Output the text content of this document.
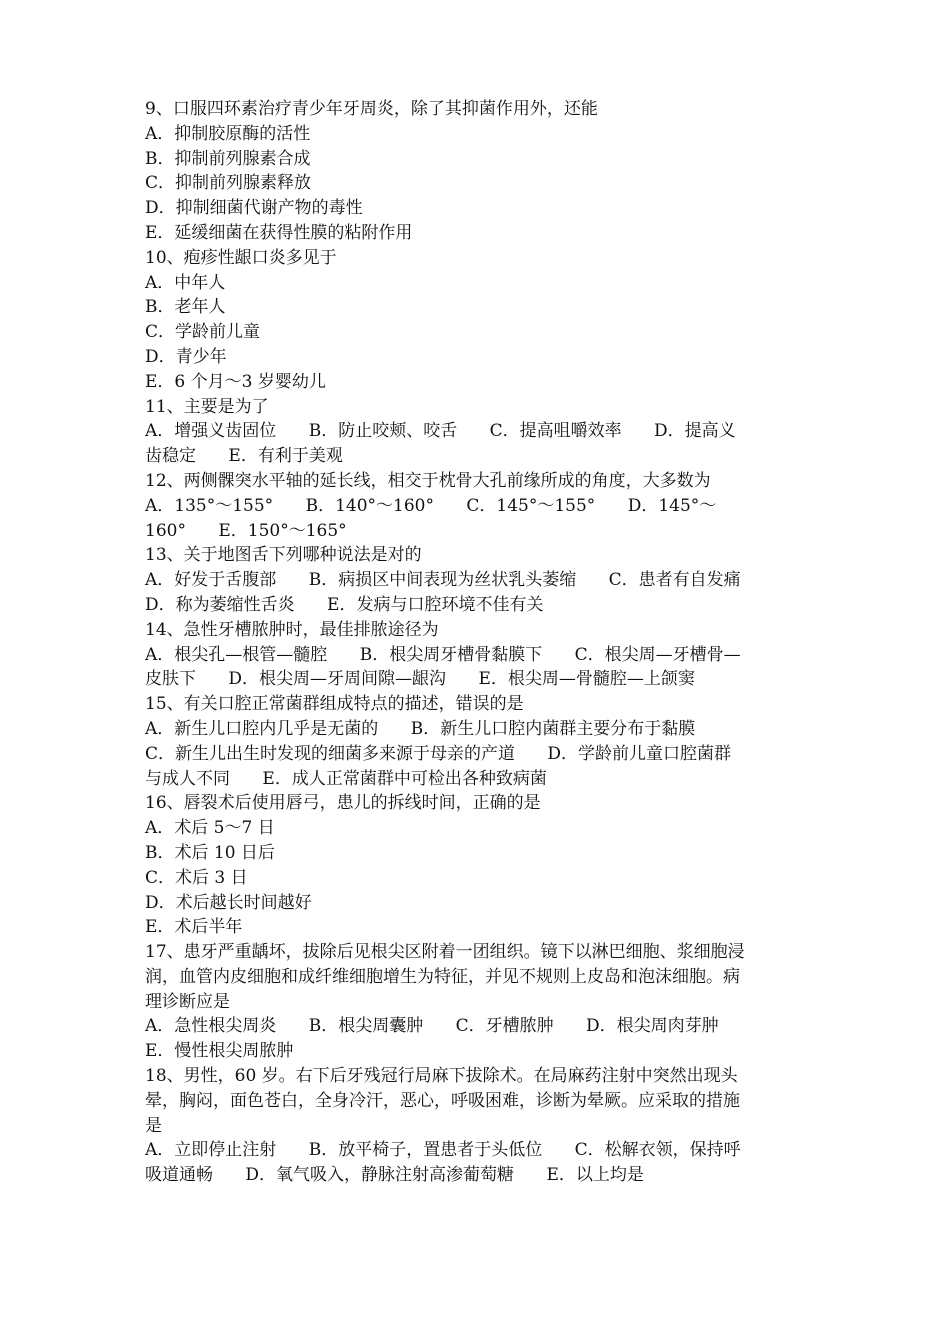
9、口服四环素治疗青少年牙周炎，除了其抑菌作用外，还能
A．抑制胶原酶的活性
B．抑制前列腺素合成
C．抑制前列腺素释放
D．抑制细菌代谢产物的毒性
E．延缓细菌在获得性膜的粘附作用
10、疱疹性龈口炎多见于
A．中年人
B．老年人
C．学龄前儿童
D．青少年
E．6 个月～3 岁婴幼儿
11、主要是为了
A．增强义齿固位      B．防止咬颊、咬舌      C．提高咀嚼效率      D．提高义
齿稳定      E．有利于美观
12、两侧髁突水平轴的延长线，相交于枕骨大孔前缘所成的角度，大多数为
A．135°～155°      B．140°～160°      C．145°～155°      D．145°～
160°      E．150°～165°
13、关于地图舌下列哪种说法是对的
A．好发于舌腹部      B．病损区中间表现为丝状乳头萎缩      C．患者有自发痛
D．称为萎缩性舌炎      E．发病与口腔环境不佳有关
14、急性牙槽脓肿时，最佳排脓途径为
A．根尖孔—根管—髓腔      B．根尖周牙槽骨黏膜下      C．根尖周—牙槽骨—
皮肤下      D．根尖周—牙周间隙—龈沟      E．根尖周—骨髓腔—上颌窦
15、有关口腔正常菌群组成特点的描述，错误的是
A．新生儿口腔内几乎是无菌的      B．新生儿口腔内菌群主要分布于黏膜
C．新生儿出生时发现的细菌多来源于母亲的产道      D．学龄前儿童口腔菌群
与成人不同      E．成人正常菌群中可检出各种致病菌
16、唇裂术后使用唇弓，患儿的拆线时间，正确的是
A．术后 5～7 日
B．术后 10 日后
C．术后 3 日
D．术后越长时间越好
E．术后半年
17、患牙严重龋坏，拔除后见根尖区附着一团组织。镜下以淋巴细胞、浆细胞浸
润，血管内皮细胞和成纤维细胞增生为特征，并见不规则上皮岛和泡沫细胞。病
理诊断应是
A．急性根尖周炎      B．根尖周囊肿      C．牙槽脓肿      D．根尖周肉芽肿
E．慢性根尖周脓肿
18、男性，60 岁。右下后牙残冠行局麻下拔除术。在局麻药注射中突然出现头
晕，胸闷，面色苍白，全身冷汗，恶心，呼吸困难，诊断为晕厥。应采取的措施
是
A．立即停止注射      B．放平椅子，置患者于头低位      C．松解衣领，保持呼
吸道通畅      D．氧气吸入，静脉注射高渗葡萄糖      E．以上均是
